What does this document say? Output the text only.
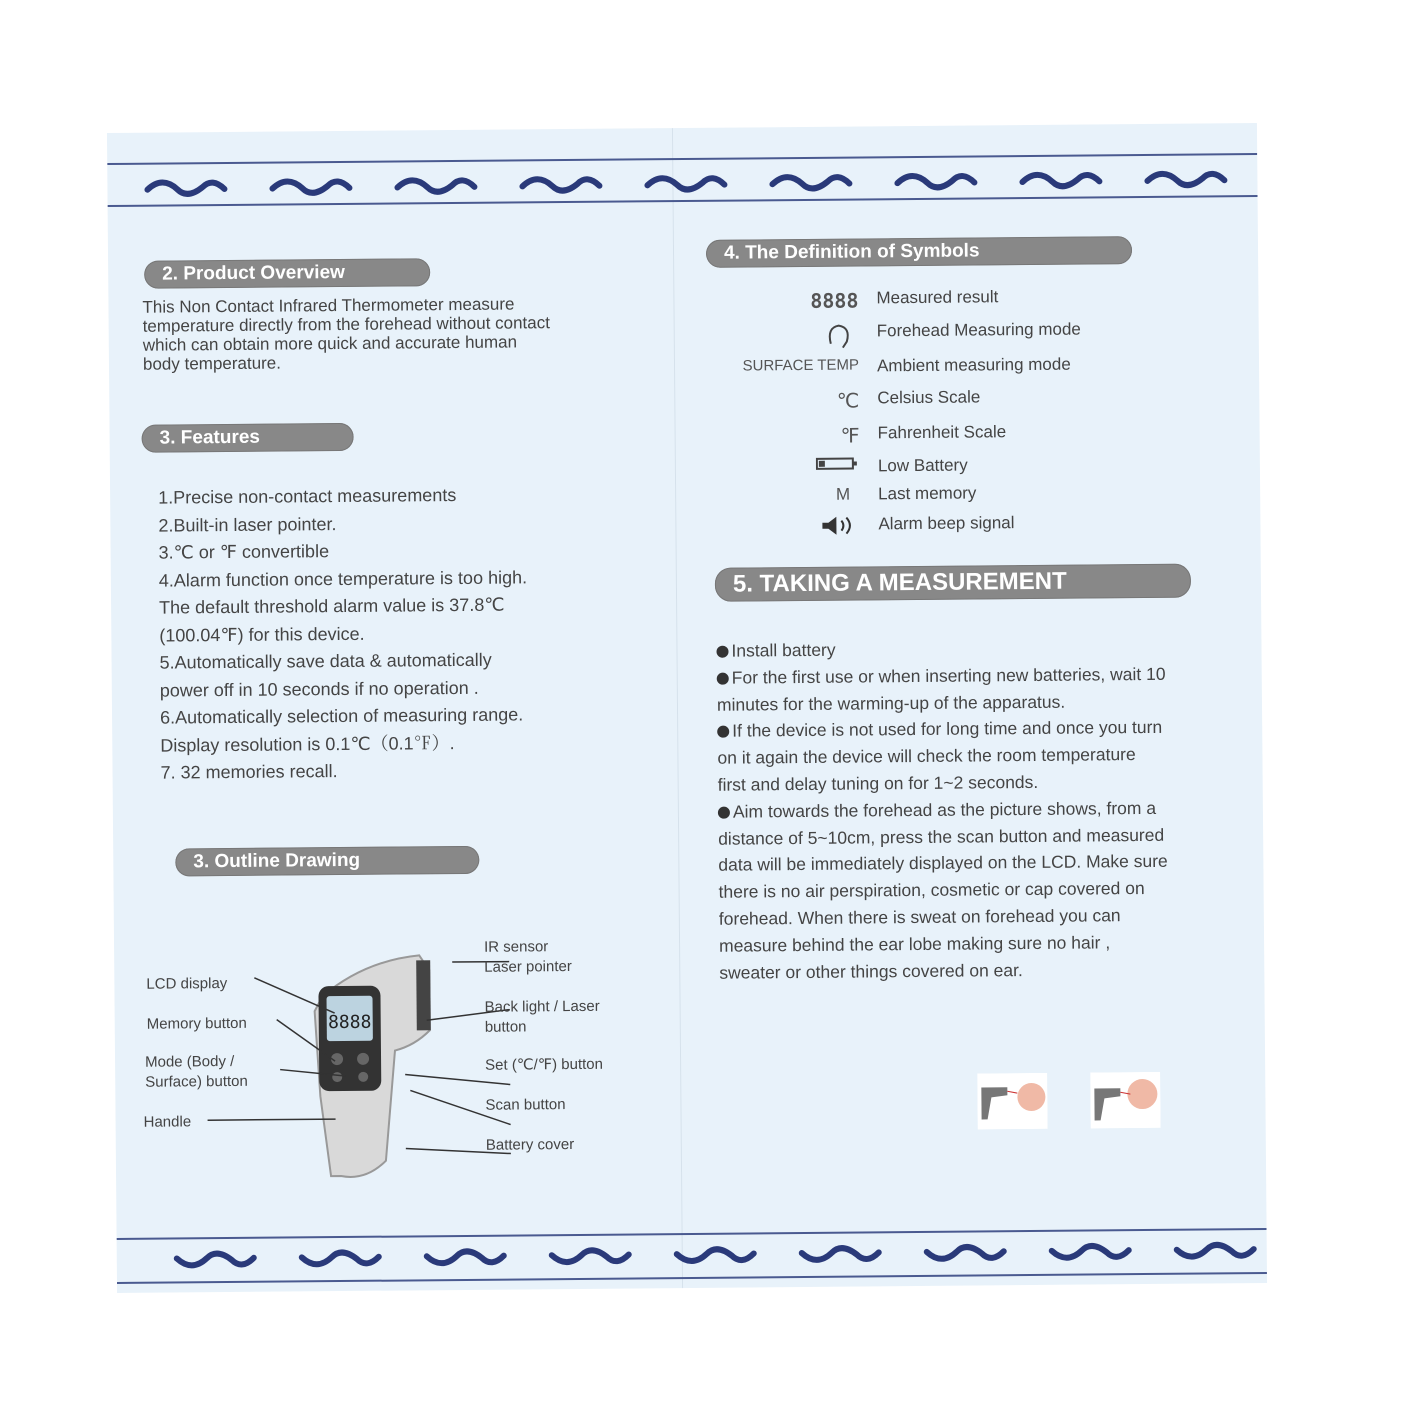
2. Product Overview
This Non Contact Infrared Thermometer measure temperature directly from the forehead without contact which can obtain more quick and accurate human body temperature.
3. Features
1.Precise non-contact measurements
2.Built-in laser pointer.
3.℃ or ℉ convertible
4.Alarm function once temperature is too high.
The default threshold alarm value is 37.8℃
(100.04℉) for this device.
5.Automatically save data & automatically
power off in 10 seconds if no operation .
6.Automatically selection of measuring range.
Display resolution is 0.1℃（0.1℉）.
7. 32 memories recall.
3. Outline Drawing
8888
LCD display
Memory button
Mode (Body /
Surface) button
Handle
IR sensor
Laser pointer
Back light / Laser
button
Set (℃/℉) button
Scan button
Battery cover
4. The Definition of Symbols
8888 Measured result
Forehead Measuring mode
SURFACE TEMP Ambient measuring mode
℃ Celsius Scale
℉ Fahrenheit Scale
Low Battery
M	Last memory
Alarm beep signal
5. TAKING A MEASUREMENT
Install battery
For the first use or when inserting new batteries, wait 10 minutes for the warming-up of the apparatus.
If the device is not used for long time and once you turn on it again the device will check the room temperature first and delay tuning on for 1~2 seconds.
Aim towards the forehead as the picture shows, from a distance of 5~10cm, press the scan button and measured data will be immediately displayed on the LCD. Make sure there is no air perspiration, cosmetic or cap covered on forehead. When there is sweat on forehead you can measure behind the ear lobe making sure no hair , sweater or other things covered on ear.
